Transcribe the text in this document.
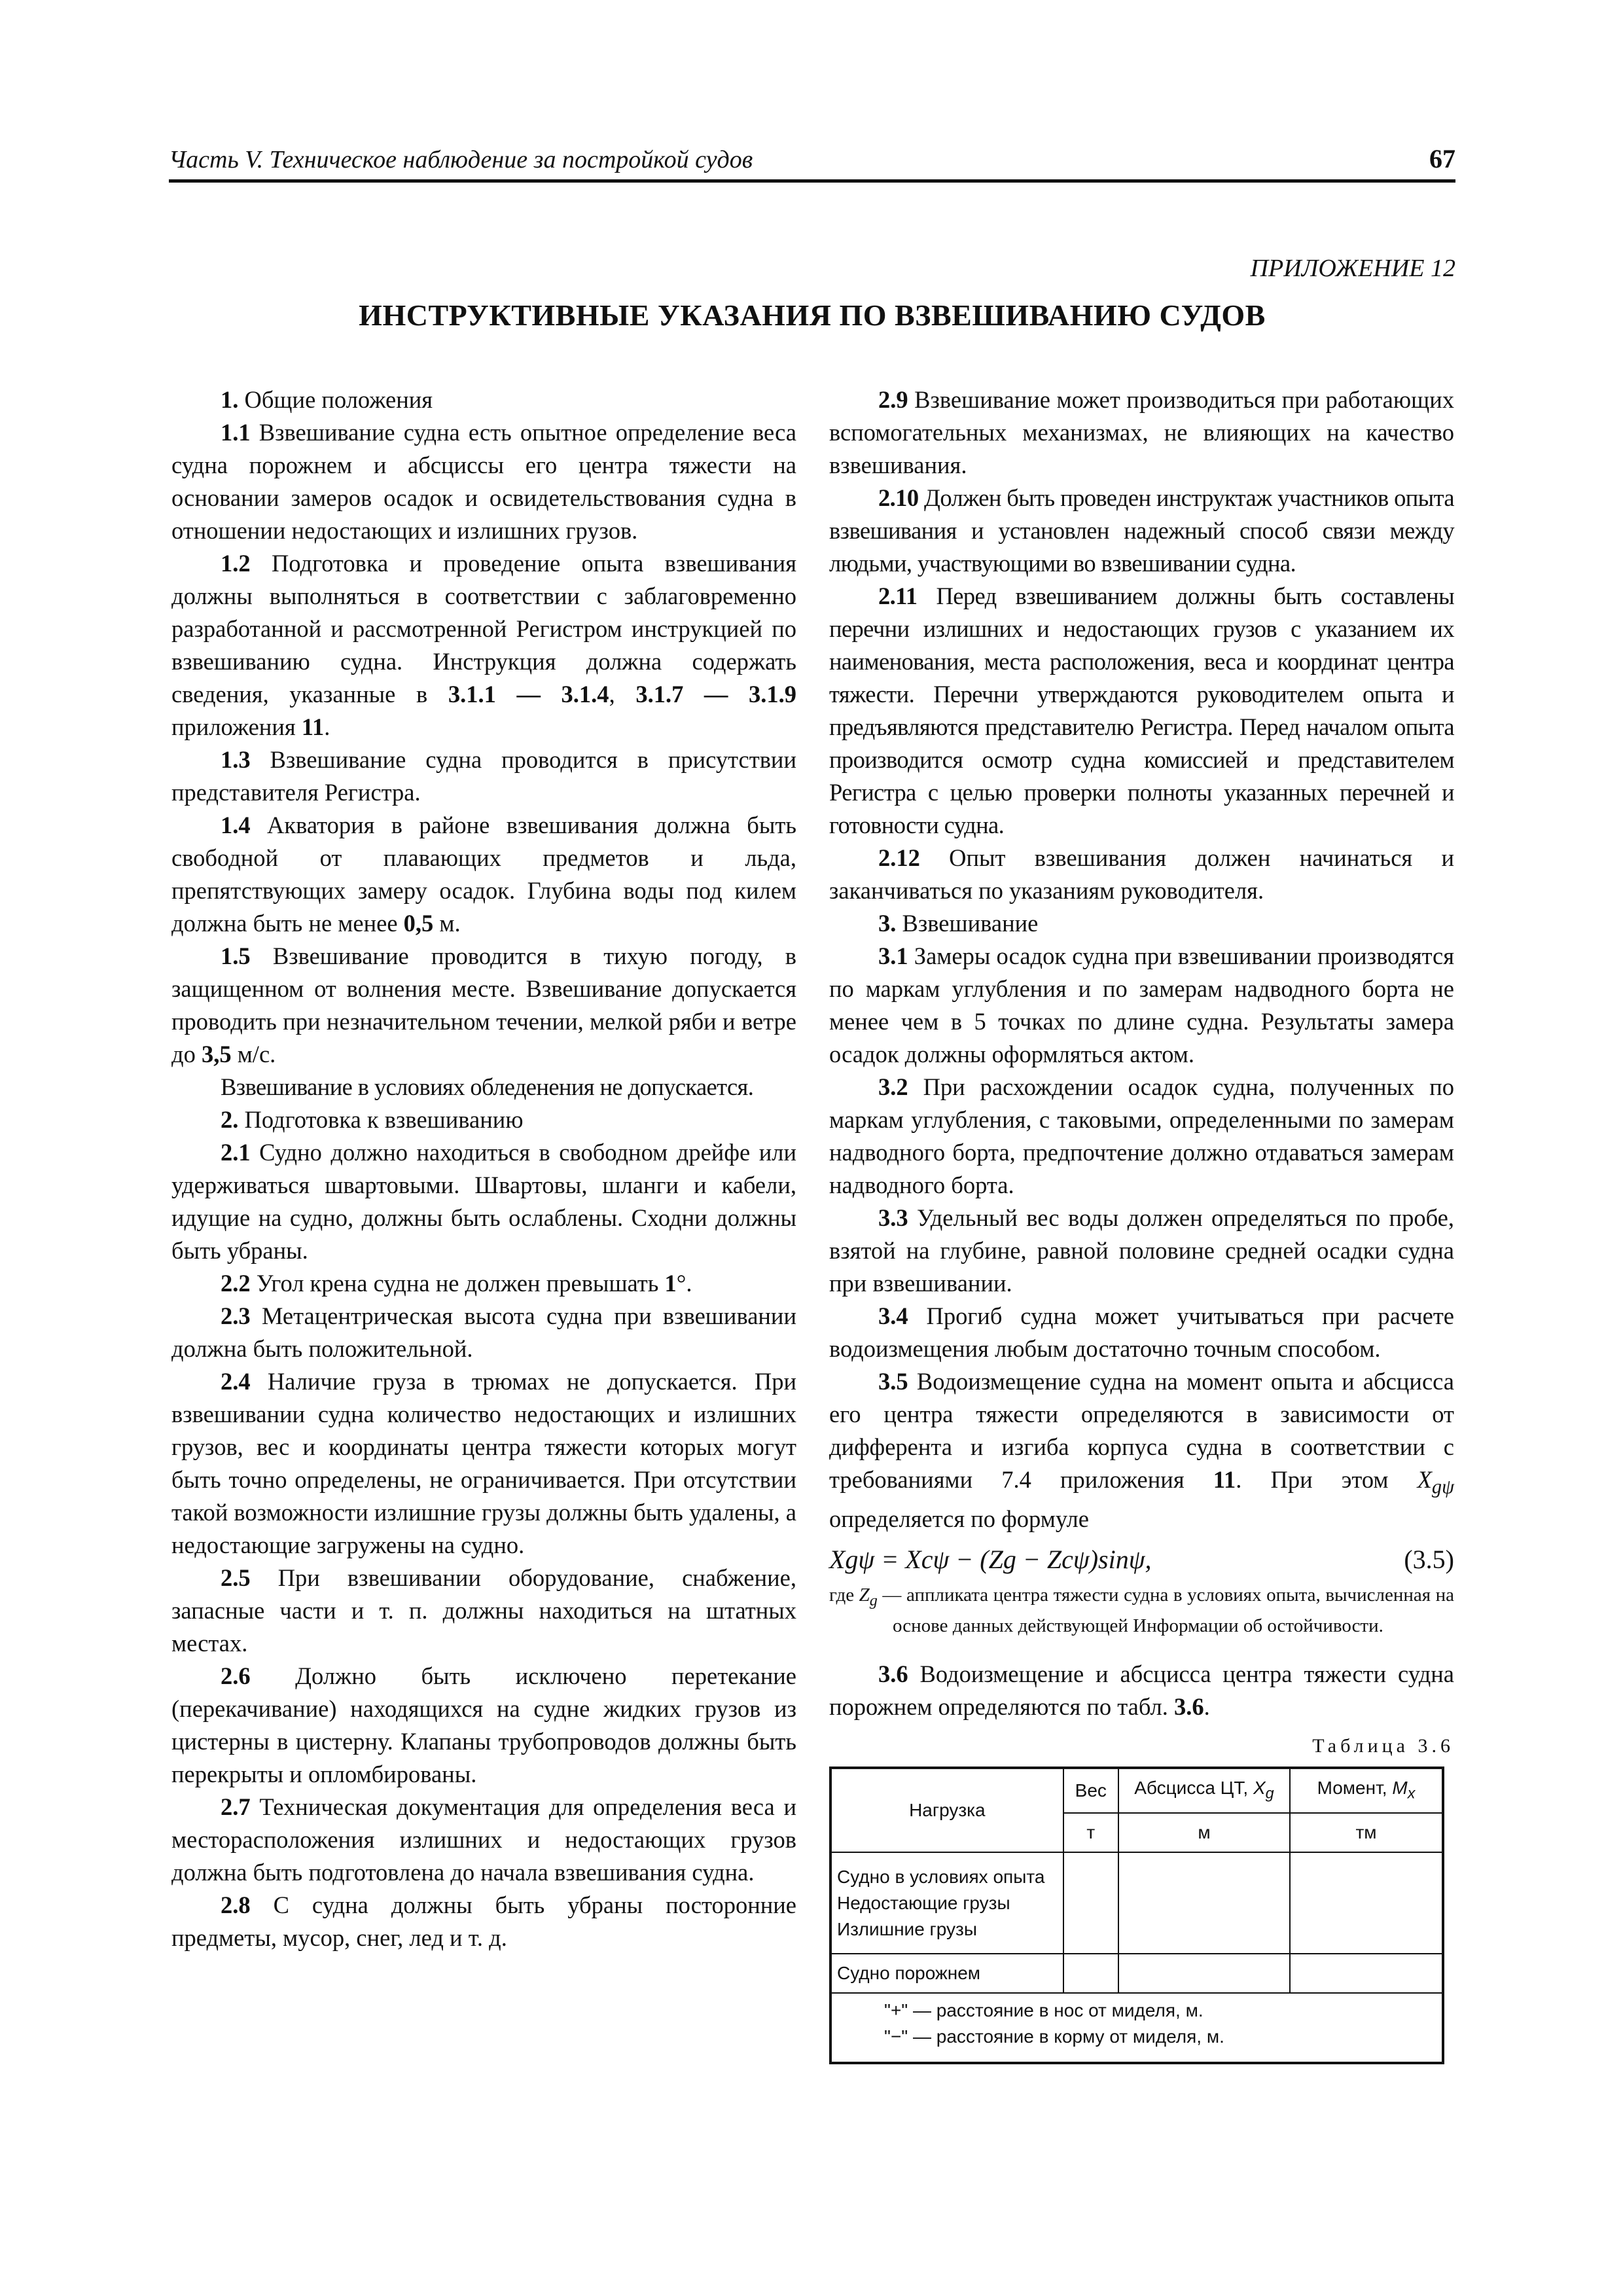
Часть V. Техническое наблюдение за постройкой судов	67
ПРИЛОЖЕНИЕ 12
ИНСТРУКТИВНЫЕ УКАЗАНИЯ ПО ВЗВЕШИВАНИЮ СУДОВ

1. Общие положения

1.1 Взвешивание судна есть опытное определение веса судна порожнем и абсциссы его центра тяжести на основании замеров осадок и освидетельствования судна в отношении недостающих и излишних грузов.

1.2 Подготовка и проведение опыта взвешивания должны выполняться в соответствии с заблаговременно разработанной и рассмотренной Регистром инструкцией по взвешиванию судна. Инструкция должна содержать сведения, указанные в 3.1.1 — 3.1.4, 3.1.7 — 3.1.9 приложения 11.

1.3 Взвешивание судна проводится в присутствии представителя Регистра.

1.4 Акватория в районе взвешивания должна быть свободной от плавающих предметов и льда, препятствующих замеру осадок. Глубина воды под килем должна быть не менее 0,5 м.

1.5 Взвешивание проводится в тихую погоду, в защищенном от волнения месте. Взвешивание допускается проводить при незначительном течении, мелкой ряби и ветре до 3,5 м/с.

Взвешивание в условиях обледенения не допускается.

2. Подготовка к взвешиванию

2.1 Судно должно находиться в свободном дрейфе или удерживаться швартовыми. Швартовы, шланги и кабели, идущие на судно, должны быть ослаблены. Сходни должны быть убраны.

2.2 Угол крена судна не должен превышать 1°.

2.3 Метацентрическая высота судна при взвешивании должна быть положительной.

2.4 Наличие груза в трюмах не допускается. При взвешивании судна количество недостающих и излишних грузов, вес и координаты центра тяжести которых могут быть точно определены, не ограничивается. При отсутствии такой возможности излишние грузы должны быть удалены, а недостающие загружены на судно.

2.5 При взвешивании оборудование, снабжение, запасные части и т. п. должны находиться на штатных местах.

2.6 Должно быть исключено перетекание (перекачивание) находящихся на судне жидких грузов из цистерны в цистерну. Клапаны трубопроводов должны быть перекрыты и опломбированы.

2.7 Техническая документация для определения веса и месторасположения излишних и недостающих грузов должна быть подготовлена до начала взвешивания судна.

2.8 С судна должны быть убраны посторонние предметы, мусор, снег, лед и т. д.

2.9 Взвешивание может производиться при работающих вспомогательных механизмах, не влияющих на качество взвешивания.

2.10 Должен быть проведен инструктаж участников опыта взвешивания и установлен надежный способ связи между людьми, участвующими во взвешивании судна.

2.11 Перед взвешиванием должны быть составлены перечни излишних и недостающих грузов с указанием их наименования, места расположения, веса и координат центра тяжести. Перечни утверждаются руководителем опыта и предъявляются представителю Регистра. Перед началом опыта производится осмотр судна комиссией и представителем Регистра с целью проверки полноты указанных перечней и готовности судна.

2.12 Опыт взвешивания должен начинаться и заканчиваться по указаниям руководителя.

3. Взвешивание

3.1 Замеры осадок судна при взвешивании производятся по маркам углубления и по замерам надводного борта не менее чем в 5 точках по длине судна. Результаты замера осадок должны оформляться актом.

3.2 При расхождении осадок судна, полученных по маркам углубления, с таковыми, определенными по замерам надводного борта, предпочтение должно отдаваться замерам надводного борта.

3.3 Удельный вес воды должен определяться по пробе, взятой на глубине, равной половине средней осадки судна при взвешивании.

3.4 Прогиб судна может учитываться при расчете водоизмещения любым достаточно точным способом.

3.5 Водоизмещение судна на момент опыта и абсцисса его центра тяжести определяются в зависимости от дифферента и изгиба корпуса судна в соответствии с требованиями 7.4 приложения 11. При этом $X_{g\psi}$ определяется по формуле

Xgψ = Xcψ − (Zg − Zcψ)sinψ,	(3.5)
где $Z_g$ — аппликата центра тяжести судна в условиях опыта, вычисленная на основе данных действующей Информации об остойчивости.

3.6 Водоизмещение и абсцисса центра тяжести судна порожнем определяются по табл. 3.6.

Таблица 3.6
Нагрузка	Вес	Абсцисса ЦТ, $X_g$	Момент, $M_x$
	т	м	тм

Судно в условиях опыта
Недостающие грузы
Излишние грузы			

Судно порожнем			

"+" — расстояние в нос от миделя, м.
"−" — расстояние в корму от миделя, м.			
